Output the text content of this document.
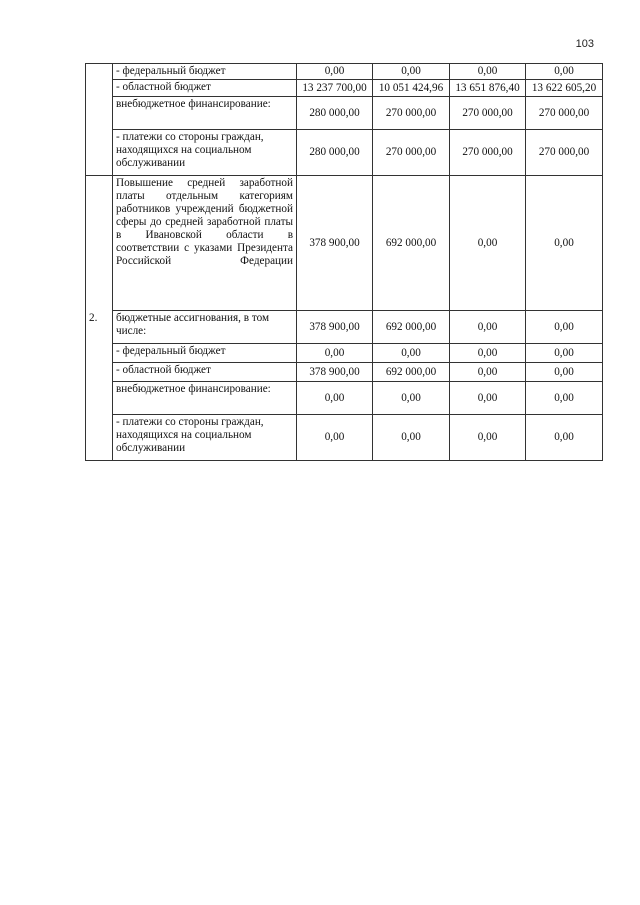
103
	- федеральный бюджет	0,00	0,00	0,00	0,00
	- областной бюджет	13 237 700,00	10 051 424,96	13 651 876,40	13 622 605,20
	внебюджетное финансирование:	280 000,00	270 000,00	270 000,00	270 000,00
	- платежи со стороны граждан, находящихся на социальном обслуживании	280 000,00	270 000,00	270 000,00	270 000,00
2.	Повышение средней заработной платы отдельным категориям работников учреждений бюджетной сферы до средней заработной платы в Ивановской области в соответствии с указами Президента Российской Федерации	378 900,00	692 000,00	0,00	0,00
	бюджетные ассигнования, в том числе:	378 900,00	692 000,00	0,00	0,00
	- федеральный бюджет	0,00	0,00	0,00	0,00
	- областной бюджет	378 900,00	692 000,00	0,00	0,00
	внебюджетное финансирование:	0,00	0,00	0,00	0,00
	- платежи со стороны граждан, находящихся на социальном обслуживании	0,00	0,00	0,00	0,00
